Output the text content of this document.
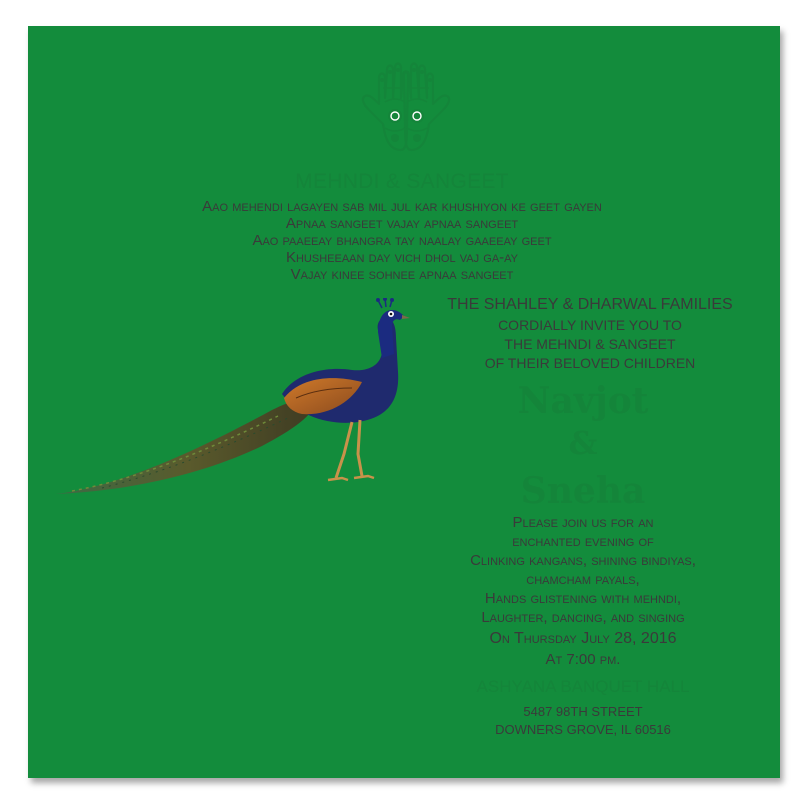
MEHNDI & SANGEET
Aao mehendi lagayen sab mil jul kar khushiyon ke geet gayen
Apnaa sangeet vajay apnaa sangeet
Aao paaeeay bhangra tay naalay gaaeeay geet
Khusheeaan day vich dhol vaj ga-ay
Vajay kinee sohnee apnaa sangeet
THE SHAHLEY & DHARWAL FAMILIES
CORDIALLY INVITE YOU TO
THE MEHNDI & SANGEET
OF THEIR BELOVED CHILDREN
Navjot
&
Sneha
Please join us for an
enchanted evening of
Clinking kangans, shining bindiyas,
chamcham payals,
Hands glistening with mehndi,
Laughter, dancing, and singing
On Thursday July 28, 2016
At 7:00 pm.
ASHYANA BANQUET HALL
5487 98TH STREET
DOWNERS GROVE, IL 60516
